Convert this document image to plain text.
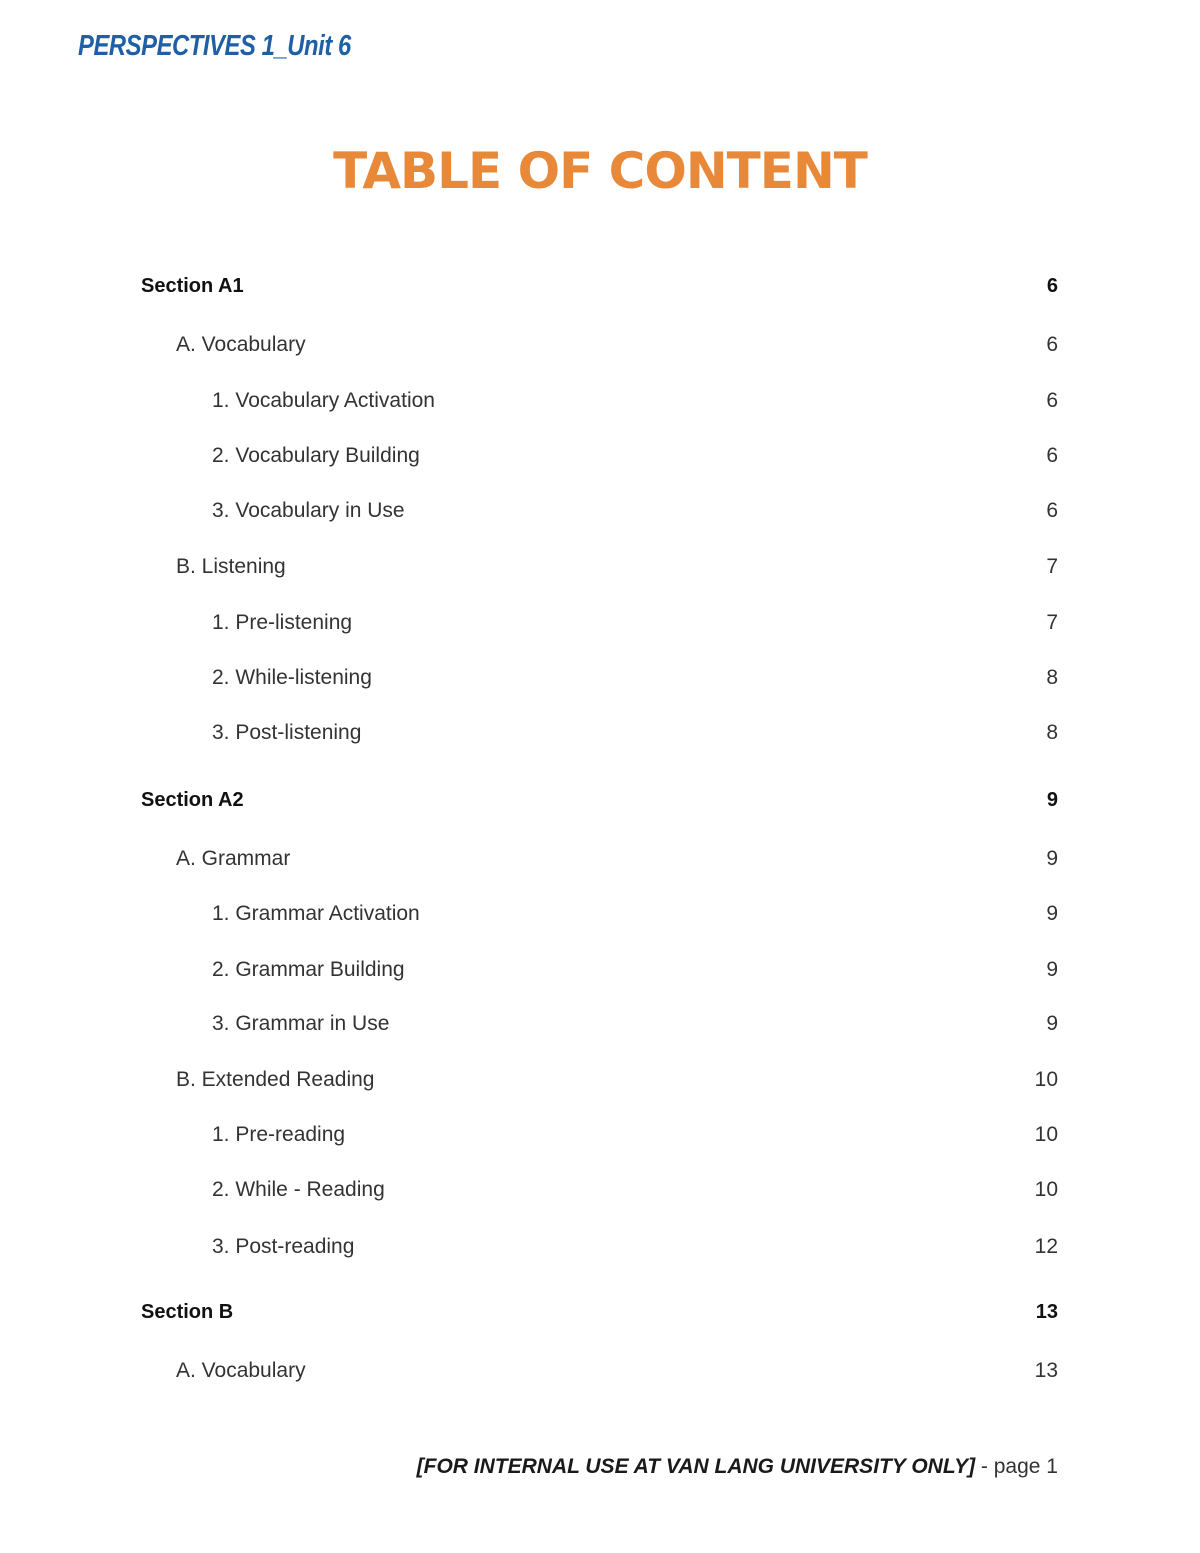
PERSPECTIVES 1_Unit 6
TABLE OF CONTENT
Section A1	6
A. Vocabulary	6
1. Vocabulary Activation	6
2. Vocabulary Building	6
3. Vocabulary in Use	6
B. Listening	7
1. Pre-listening	7
2. While-listening	8
3. Post-listening	8
Section A2	9
A. Grammar	9
1. Grammar Activation	9
2. Grammar Building	9
3. Grammar in Use	9
B. Extended Reading	10
1. Pre-reading	10
2. While - Reading	10
3. Post-reading	12
Section B	13
A. Vocabulary	13
[FOR INTERNAL USE AT VAN LANG UNIVERSITY ONLY] - page 1
